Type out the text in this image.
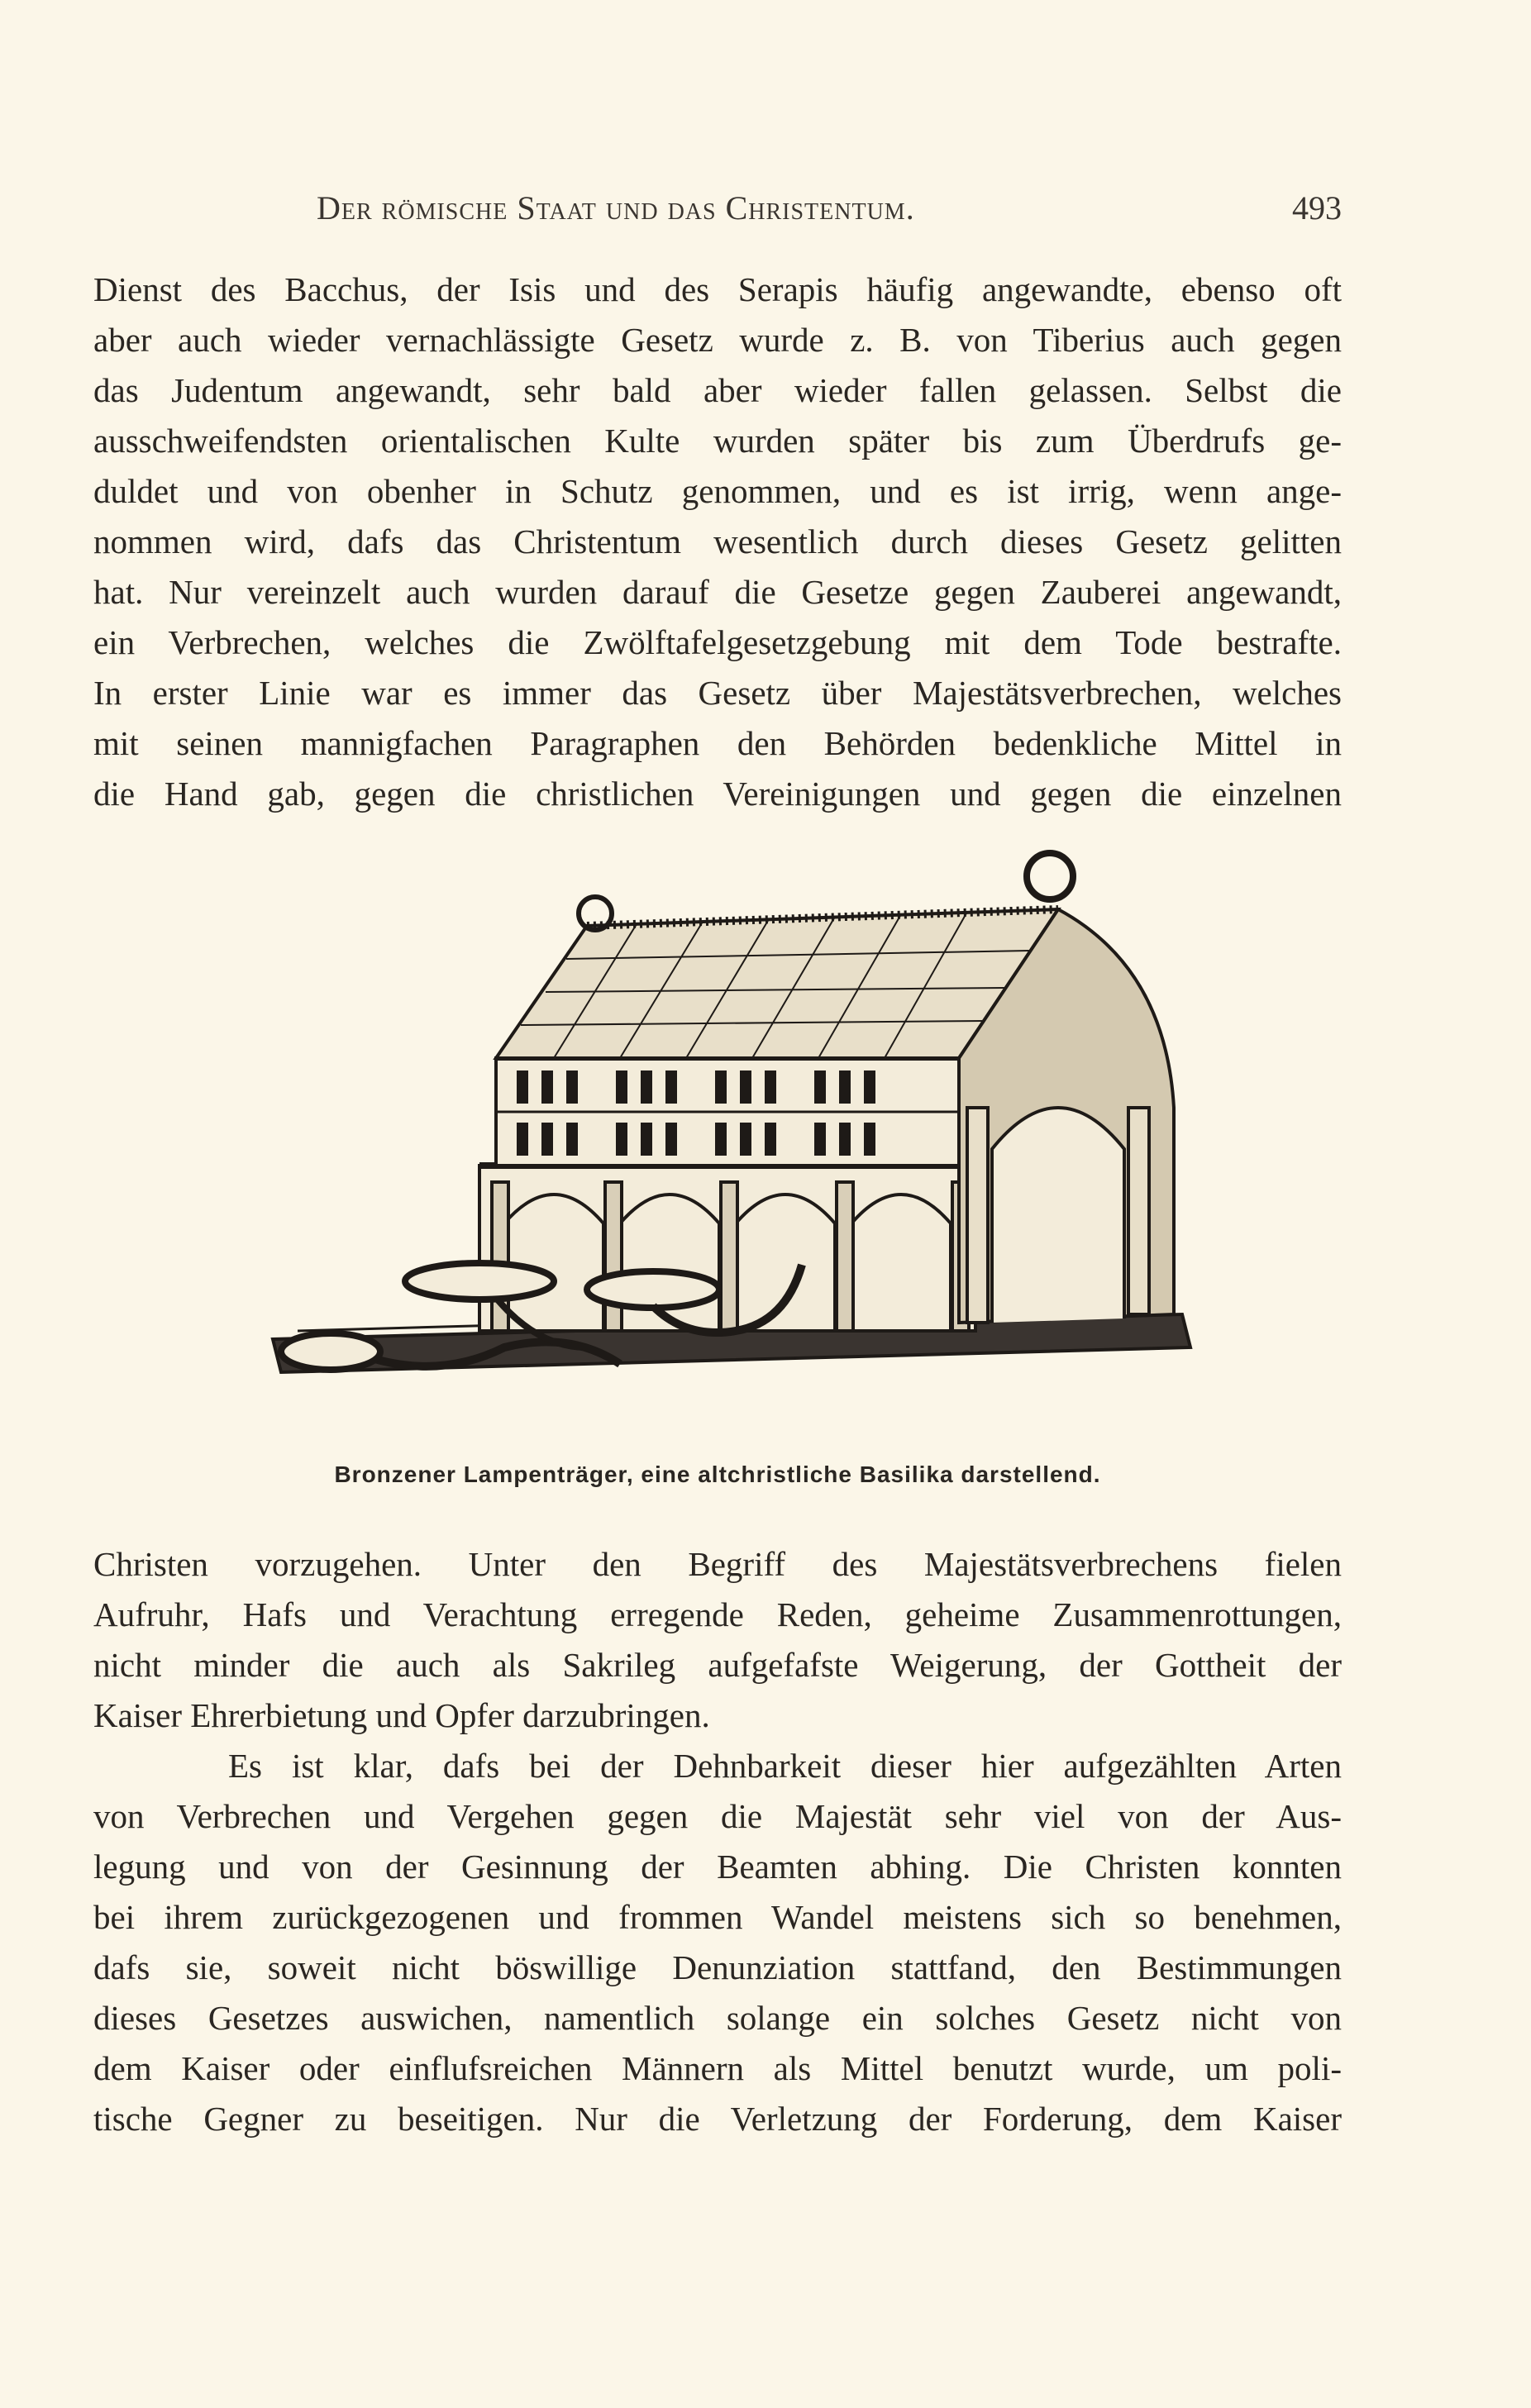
Der römische Staat und das Christentum.	493
Dienst des Bacchus, der Isis und des Serapis häufig angewandte, ebenso oft
aber auch wieder vernachlässigte Gesetz wurde z. B. von Tiberius auch gegen
das Judentum angewandt, sehr bald aber wieder fallen gelassen. Selbst die
ausschweifendsten orientalischen Kulte wurden später bis zum Überdrufs ge-
duldet und von obenher in Schutz genommen, und es ist irrig, wenn ange-
nommen wird, dafs das Christentum wesentlich durch dieses Gesetz gelitten
hat. Nur vereinzelt auch wurden darauf die Gesetze gegen Zauberei angewandt,
ein Verbrechen, welches die Zwölftafelgesetzgebung mit dem Tode bestrafte.
In erster Linie war es immer das Gesetz über Majestätsverbrechen, welches
mit seinen mannigfachen Paragraphen den Behörden bedenkliche Mittel in
die Hand gab, gegen die christlichen Vereinigungen und gegen die einzelnen
Bronzener Lampenträger, eine altchristliche Basilika darstellend.
Christen vorzugehen. Unter den Begriff des Majestätsverbrechens fielen
Aufruhr, Hafs und Verachtung erregende Reden, geheime Zusammenrottungen,
nicht minder die auch als Sakrileg aufgefafste Weigerung, der Gottheit der
Kaiser Ehrerbietung und Opfer darzubringen.
Es ist klar, dafs bei der Dehnbarkeit dieser hier aufgezählten Arten
von Verbrechen und Vergehen gegen die Majestät sehr viel von der Aus-
legung und von der Gesinnung der Beamten abhing. Die Christen konnten
bei ihrem zurückgezogenen und frommen Wandel meistens sich so benehmen,
dafs sie, soweit nicht böswillige Denunziation stattfand, den Bestimmungen
dieses Gesetzes auswichen, namentlich solange ein solches Gesetz nicht von
dem Kaiser oder einflufsreichen Männern als Mittel benutzt wurde, um poli-
tische Gegner zu beseitigen. Nur die Verletzung der Forderung, dem Kaiser
